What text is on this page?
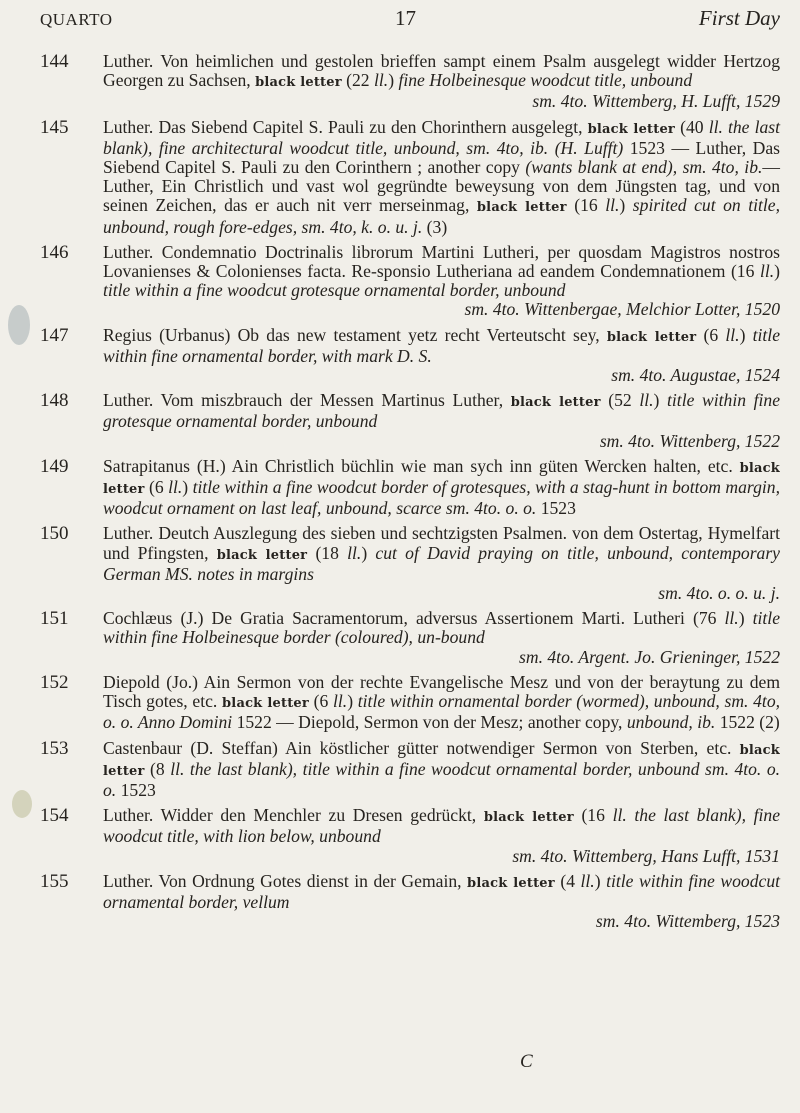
QUARTO	17	First Day
144	Luther. Von heimlichen und gestolen brieffen sampt einem Psalm ausgelegt widder Hertzog Georgen zu Sachsen, black letter (22 ll.) fine Holbeinesque woodcut title, unbound
sm. 4to. Wittemberg, H. Lufft, 1529
145	Luther. Das Siebend Capitel S. Pauli zu den Chorinthern ausgelegt, black letter (40 ll. the last blank), fine architectural woodcut title, unbound, sm. 4to, ib. (H. Lufft) 1523 — Luther, Das Siebend Capitel S. Pauli zu den Corinthern ; another copy (wants blank at end), sm. 4to, ib.—Luther, Ein Christlich und vast wol gegründte beweysung von dem Jüngsten tag, und von seinen Zeichen, das er auch nit verr merseinmag, black letter (16 ll.) spirited cut on title, unbound, rough fore-edges, sm. 4to, k. o. u. j. (3)
146	Luther. Condemnatio Doctrinalis librorum Martini Lutheri, per quosdam Magistros nostros Lovanienses & Colonienses facta. Re-sponsio Lutheriana ad eandem Condemnationem (16 ll.) title within a fine woodcut grotesque ornamental border, unbound
sm. 4to. Wittenbergae, Melchior Lotter, 1520
147	Regius (Urbanus) Ob das new testament yetz recht Verteutscht sey, black letter (6 ll.) title within fine ornamental border, with mark D. S.
sm. 4to. Augustae, 1524
148	Luther. Vom miszbrauch der Messen Martinus Luther, black letter (52 ll.) title within fine grotesque ornamental border, unbound
sm. 4to. Wittenberg, 1522
149	Satrapitanus (H.) Ain Christlich büchlin wie man sych inn güten Wercken halten, etc. black letter (6 ll.) title within a fine woodcut border of grotesques, with a stag-hunt in bottom margin, woodcut ornament on last leaf, unbound, scarce sm. 4to. o. o. 1523
150	Luther. Deutch Auszlegung des sieben und sechtzigsten Psalmen. von dem Ostertag, Hymelfart und Pfingsten, black letter (18 ll.) cut of David praying on title, unbound, contemporary German MS. notes in margins
sm. 4to. o. o. u. j.
151	Cochlæus (J.) De Gratia Sacramentorum, adversus Assertionem Marti. Lutheri (76 ll.) title within fine Holbeinesque border (coloured), un-bound
sm. 4to. Argent. Jo. Grieninger, 1522
152	Diepold (Jo.) Ain Sermon von der rechte Evangelische Mesz und von der beraytung zu dem Tisch gotes, etc. black letter (6 ll.) title within ornamental border (wormed), unbound, sm. 4to, o. o. Anno Domini 1522 — Diepold, Sermon von der Mesz; another copy, unbound, ib. 1522 (2)
153	Castenbaur (D. Steffan) Ain köstlicher gütter notwendiger Sermon von Sterben, etc. black letter (8 ll. the last blank), title within a fine woodcut ornamental border, unbound sm. 4to. o. o. 1523
154	Luther. Widder den Menchler zu Dresen gedrückt, black letter (16 ll. the last blank), fine woodcut title, with lion below, unbound
sm. 4to. Wittemberg, Hans Lufft, 1531
155	Luther. Von Ordnung Gotes dienst in der Gemain, black letter (4 ll.) title within fine woodcut ornamental border, vellum
sm. 4to. Wittemberg, 1523
C
